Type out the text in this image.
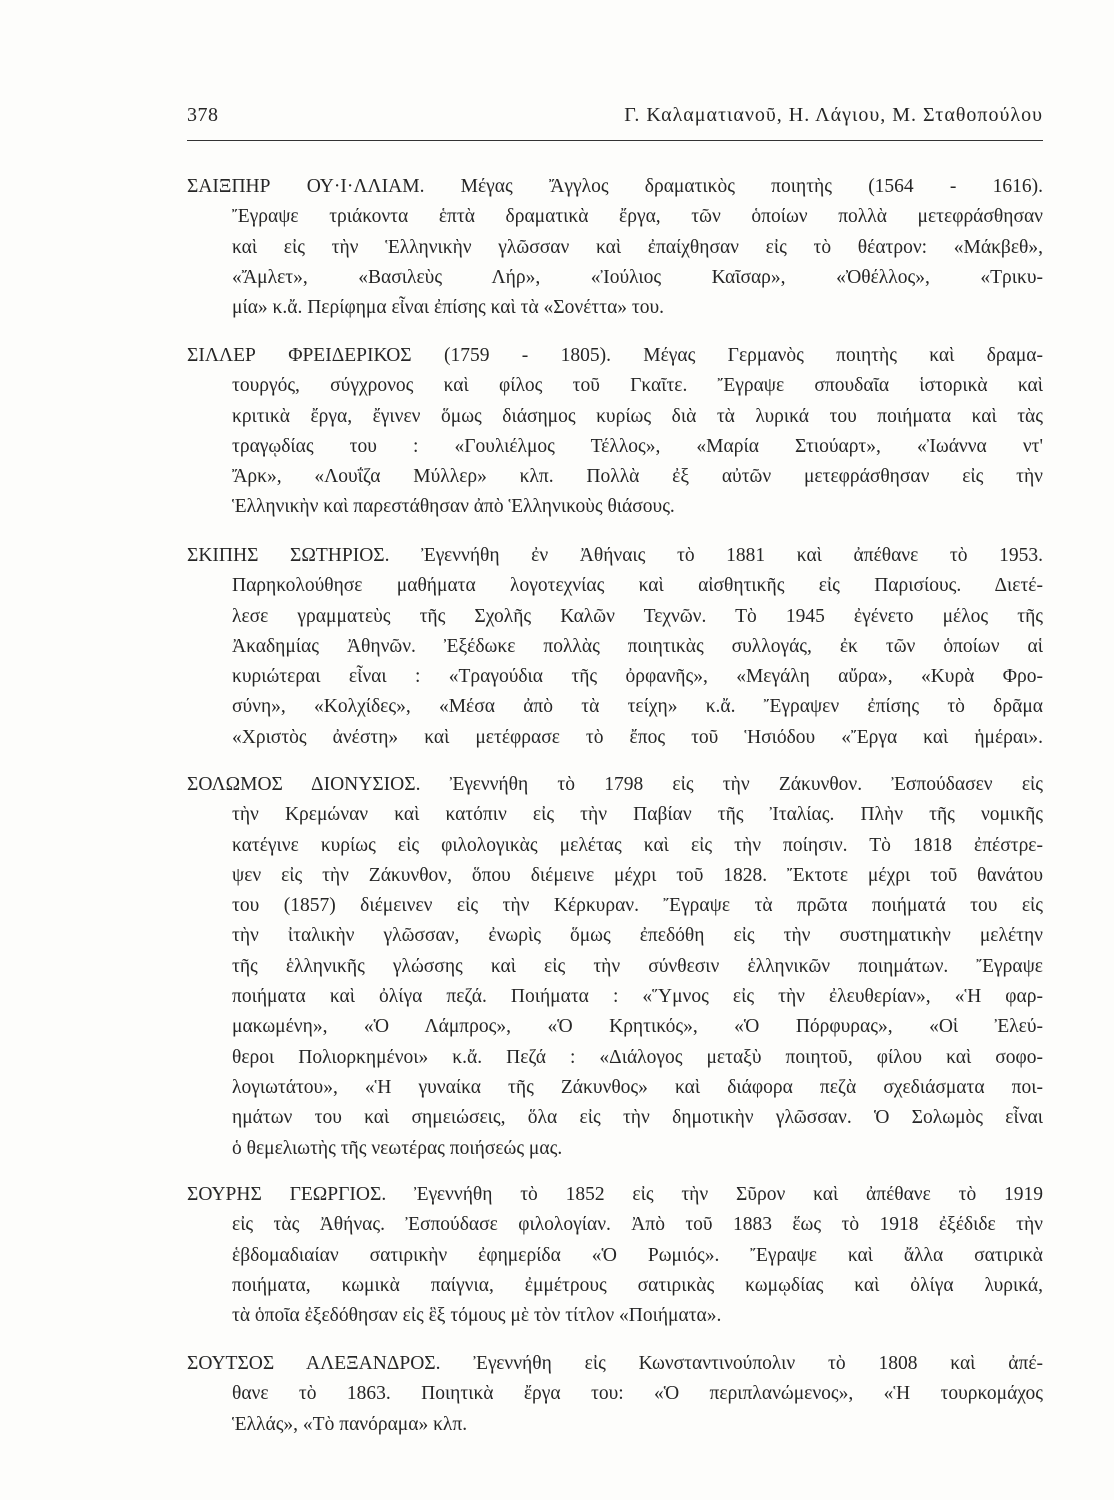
378	Γ. Καλαματιανοῦ, Η. Λάγιου, Μ. Σταθοπούλου
ΣΑΙΞΠΗΡ ΟΥ·Ι·ΛΛΙΑΜ. Μέγας Ἄγγλος δραματικὸς ποιητὴς (1564 - 1616).
Ἔγραψε τριάκοντα ἑπτὰ δραματικὰ ἔργα, τῶν ὁποίων πολλὰ μετεφράσθησαν
καὶ εἰς τὴν Ἑλληνικὴν γλῶσσαν καὶ ἐπαίχθησαν εἰς τὸ θέατρον: «Μάκβεθ»,
«Ἄμλετ», «Βασιλεὺς Λήρ», «Ἰούλιος Καῖσαρ», «Ὀθέλλος», «Τρικυ-
μία» κ.ἄ. Περίφημα εἶναι ἐπίσης καὶ τὰ «Σονέττα» του.
ΣΙΛΛΕΡ ΦΡΕΙΔΕΡΙΚΟΣ (1759 - 1805). Μέγας Γερμανὸς ποιητὴς καὶ δραμα-
τουργός, σύγχρονος καὶ φίλος τοῦ Γκαῖτε. Ἔγραψε σπουδαῖα ἱστορικὰ καὶ
κριτικὰ ἔργα, ἔγινεν ὅμως διάσημος κυρίως διὰ τὰ λυρικά του ποιήματα καὶ τὰς
τραγῳδίας του : «Γουλιέλμος Τέλλος», «Μαρία Στιούαρτ», «Ἰωάννα ντ'
Ἄρκ», «Λουΐζα Μύλλερ» κλπ. Πολλὰ ἐξ αὐτῶν μετεφράσθησαν εἰς τὴν
Ἑλληνικὴν καὶ παρεστάθησαν ἀπὸ Ἑλληνικοὺς θιάσους.
ΣΚΙΠΗΣ ΣΩΤΗΡΙΟΣ. Ἐγεννήθη ἐν Ἀθήναις τὸ 1881 καὶ ἀπέθανε τὸ 1953.
Παρηκολούθησε μαθήματα λογοτεχνίας καὶ αἰσθητικῆς εἰς Παρισίους. Διετέ-
λεσε γραμματεὺς τῆς Σχολῆς Καλῶν Τεχνῶν. Τὸ 1945 ἐγένετο μέλος τῆς
Ἀκαδημίας Ἀθηνῶν. Ἐξέδωκε πολλὰς ποιητικὰς συλλογάς, ἐκ τῶν ὁποίων αἱ
κυριώτεραι εἶναι : «Τραγούδια τῆς ὀρφανῆς», «Μεγάλη αὔρα», «Κυρὰ Φρο-
σύνη», «Κολχίδες», «Μέσα ἀπὸ τὰ τείχη» κ.ἄ. Ἔγραψεν ἐπίσης τὸ δρᾶμα
«Χριστὸς ἀνέστη» καὶ μετέφρασε τὸ ἔπος τοῦ Ἡσιόδου «Ἔργα καὶ ἡμέραι».
ΣΟΛΩΜΟΣ ΔΙΟΝΥΣΙΟΣ. Ἐγεννήθη τὸ 1798 εἰς τὴν Ζάκυνθον. Ἐσπούδασεν εἰς
τὴν Κρεμώναν καὶ κατόπιν εἰς τὴν Παβίαν τῆς Ἰταλίας. Πλὴν τῆς νομικῆς
κατέγινε κυρίως εἰς φιλολογικὰς μελέτας καὶ εἰς τὴν ποίησιν. Τὸ 1818 ἐπέστρε-
ψεν εἰς τὴν Ζάκυνθον, ὅπου διέμεινε μέχρι τοῦ 1828. Ἔκτοτε μέχρι τοῦ θανάτου
του (1857) διέμεινεν εἰς τὴν Κέρκυραν. Ἔγραψε τὰ πρῶτα ποιήματά του εἰς
τὴν ἰταλικὴν γλῶσσαν, ἐνωρὶς ὅμως ἐπεδόθη εἰς τὴν συστηματικὴν μελέτην
τῆς ἑλληνικῆς γλώσσης καὶ εἰς τὴν σύνθεσιν ἑλληνικῶν ποιημάτων. Ἔγραψε
ποιήματα καὶ ὀλίγα πεζά. Ποιήματα : «Ὕμνος εἰς τὴν ἐλευθερίαν», «Ἡ φαρ-
μακωμένη», «Ὁ Λάμπρος», «Ὁ Κρητικός», «Ὁ Πόρφυρας», «Οἱ Ἐλεύ-
θεροι Πολιορκημένοι» κ.ἄ. Πεζά : «Διάλογος μεταξὺ ποιητοῦ, φίλου καὶ σοφο-
λογιωτάτου», «Ἡ γυναίκα τῆς Ζάκυνθος» καὶ διάφορα πεζὰ σχεδιάσματα ποι-
ημάτων του καὶ σημειώσεις, ὅλα εἰς τὴν δημοτικὴν γλῶσσαν. Ὁ Σολωμὸς εἶναι
ὁ θεμελιωτὴς τῆς νεωτέρας ποιήσεώς μας.
ΣΟΥΡΗΣ ΓΕΩΡΓΙΟΣ. Ἐγεννήθη τὸ 1852 εἰς τὴν Σῦρον καὶ ἀπέθανε τὸ 1919
εἰς τὰς Ἀθήνας. Ἐσπούδασε φιλολογίαν. Ἀπὸ τοῦ 1883 ἕως τὸ 1918 ἐξέδιδε τὴν
ἑβδομαδιαίαν σατιρικὴν ἐφημερίδα «Ὁ Ρωμιός». Ἔγραψε καὶ ἄλλα σατιρικὰ
ποιήματα, κωμικὰ παίγνια, ἐμμέτρους σατιρικὰς κωμῳδίας καὶ ὀλίγα λυρικά,
τὰ ὁποῖα ἐξεδόθησαν εἰς ἓξ τόμους μὲ τὸν τίτλον «Ποιήματα».
ΣΟΥΤΣΟΣ ΑΛΕΞΑΝΔΡΟΣ. Ἐγεννήθη εἰς Κωνσταντινούπολιν τὸ 1808 καὶ ἀπέ-
θανε τὸ 1863. Ποιητικὰ ἔργα του: «Ὁ περιπλανώμενος», «Ἡ τουρκομάχος
Ἑλλάς», «Τὸ πανόραμα» κλπ.
